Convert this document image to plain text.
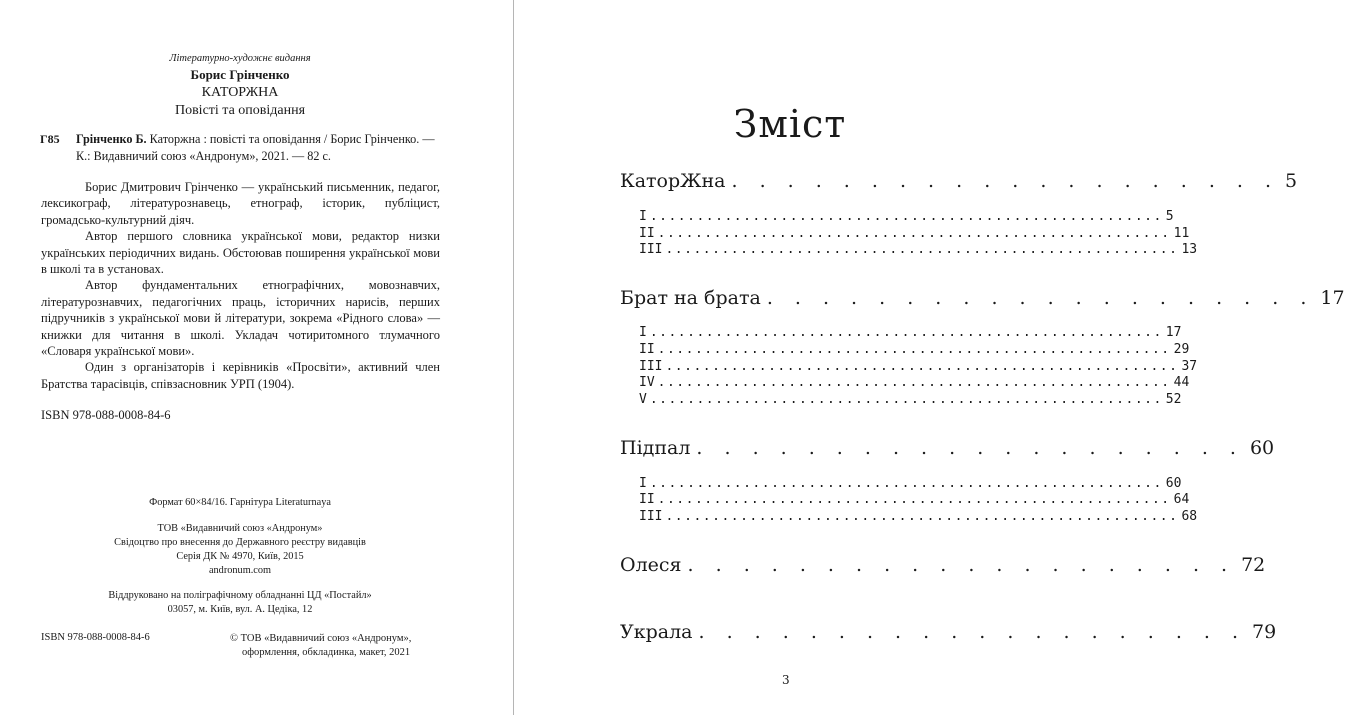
Літературно-художнє видання
Борис Грінченко
КАТОРЖНА
Повісті та оповідання
Г85 Грінченко Б. Каторжна : повісті та оповідання / Борис Грінченко. —
К.: Видавничий союз «Андронум», 2021. — 82 с.

Борис Дмитрович Грінченко — український письменник, педагог, лексикограф, літературознавець, етнограф, історик, публіцист, громадсько-культурний діяч.

Автор першого словника української мови, редактор низки українських періодичних видань. Обстоював поширення української мови в школі та в установах.

Автор фундаментальних етнографічних, мовознавчих, літературознавчих, педагогічних праць, історичних нарисів, перших підручників з української мови й літератури, зокрема «Рідного слова» — книжки для читання в школі. Укладач чотиритомного тлумачного «Словаря української мови».

Один з організаторів і керівників «Просвіти», активний член Братства тарасівців, співзасновник УРП (1904).

ISBN 978-088-0008-84-6
Формат 60×84/16. Гарнітура Literaturnaya
ТОВ «Видавничий союз «Андронум»
Свідоцтво про внесення до Державного реєстру видавців
Серія ДК № 4970, Київ, 2015
andronum.com
Віддруковано на поліграфічному обладнанні ЦД «Постайл»
03057, м. Київ, вул. А. Цедіка, 12
ISBN 978-088-0008-84-6	© ТОВ «Видавничий союз «Андронум»,
оформлення, обкладинка, макет, 2021
Зміст
КаторЖна . . . . . . . . . . . . . . . . . . . . 5
I ....................................................... 5
II ....................................................... 11
III ....................................................... 13
Брат на брата . . . . . . . . . . . . . . . . . . . . 17
I ....................................................... 17
II ....................................................... 29
III ....................................................... 37
IV ....................................................... 44
V ....................................................... 52
Підпал . . . . . . . . . . . . . . . . . . . . 60
I ....................................................... 60
II ....................................................... 64
III ....................................................... 68
Олеся . . . . . . . . . . . . . . . . . . . . 72
Украла . . . . . . . . . . . . . . . . . . . . 79
3
